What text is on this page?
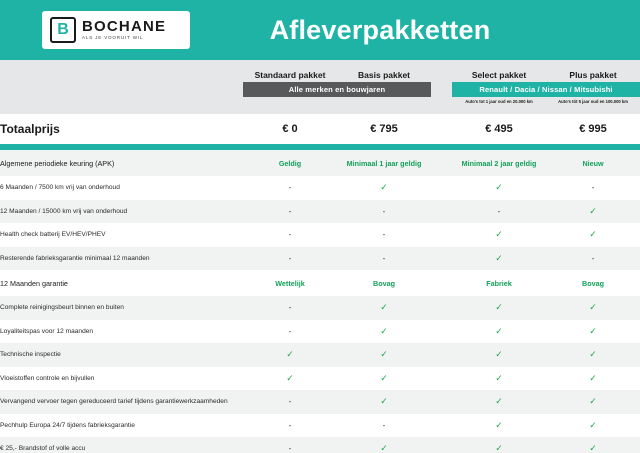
B BOCHANE
ALS JE VOORUIT WIL	Afleverpakketten

Standaard pakket	Basis pakket
Alle merken en bouwjaren

Select pakket	Plus pakket
Renault / Dacia / Nissan / Mitsubishi
Auto's tot 1 jaar oud en 20.000 km	Auto's tót 5 jaar oud en 100.000 km

Totaalprijs	€ 0	€ 795		€ 495	€ 995

Algemene periodieke keuring (APK)	Geldig	Minimaal 1 jaar geldig		Minimaal 2 jaar geldig	Nieuw
6 Maanden / 7500 km vrij van onderhoud	-	✓		✓	-
12 Maanden / 15000 km vrij van onderhoud	-	-		-	✓
Health check batterij EV/HEV/PHEV	-	-		✓	✓
Resterende fabrieksgarantie minimaal 12 maanden	-	-		✓	-
12 Maanden garantie	Wettelijk	Bovag		Fabriek	Bovag
Complete reinigingsbeurt binnen en buiten	-	✓		✓	✓
Loyaliteitspas voor 12 maanden	-	✓		✓	✓
Technische inspectie	✓	✓		✓	✓
Vloeistoffen controle en bijvullen	✓	✓		✓	✓
Vervangend vervoer tegen gereduceerd tarief tijdens garantiewerkzaamheden	-	✓		✓	✓
Pechhulp Europa 24/7 tijdens fabrieksgarantie	-	-		✓	✓
€ 25,- Brandstof of volle accu	-	✓		✓	✓
